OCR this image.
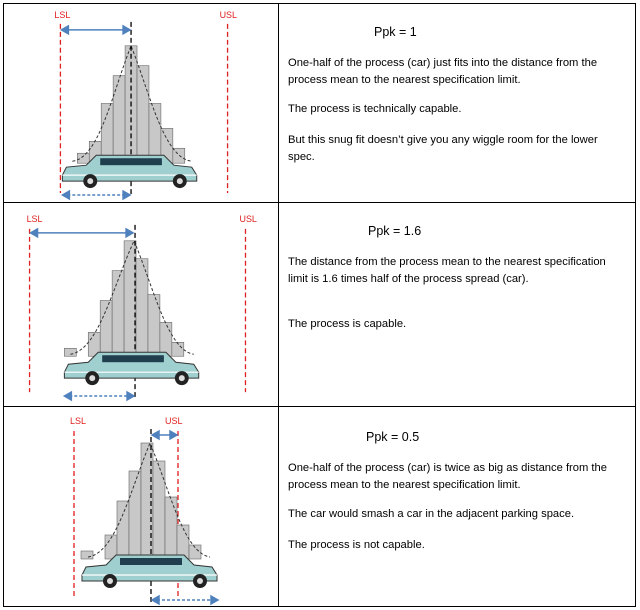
LSL	USL
Ppk = 1
One-half of the process (car) just fits into the distance from the process mean to the nearest specification limit.
The process is technically capable.
But this snug fit doesn’t give you any wiggle room for the lower spec.
LSL	USL
Ppk = 1.6
The distance from the process mean to the nearest specification limit is 1.6 times half of the process spread (car).
The process is capable.
LSL	USL
Ppk = 0.5
One-half of the process (car) is twice as big as distance from the process mean to the nearest specification limit.
The car would smash a car in the adjacent parking space.
The process is not capable.
